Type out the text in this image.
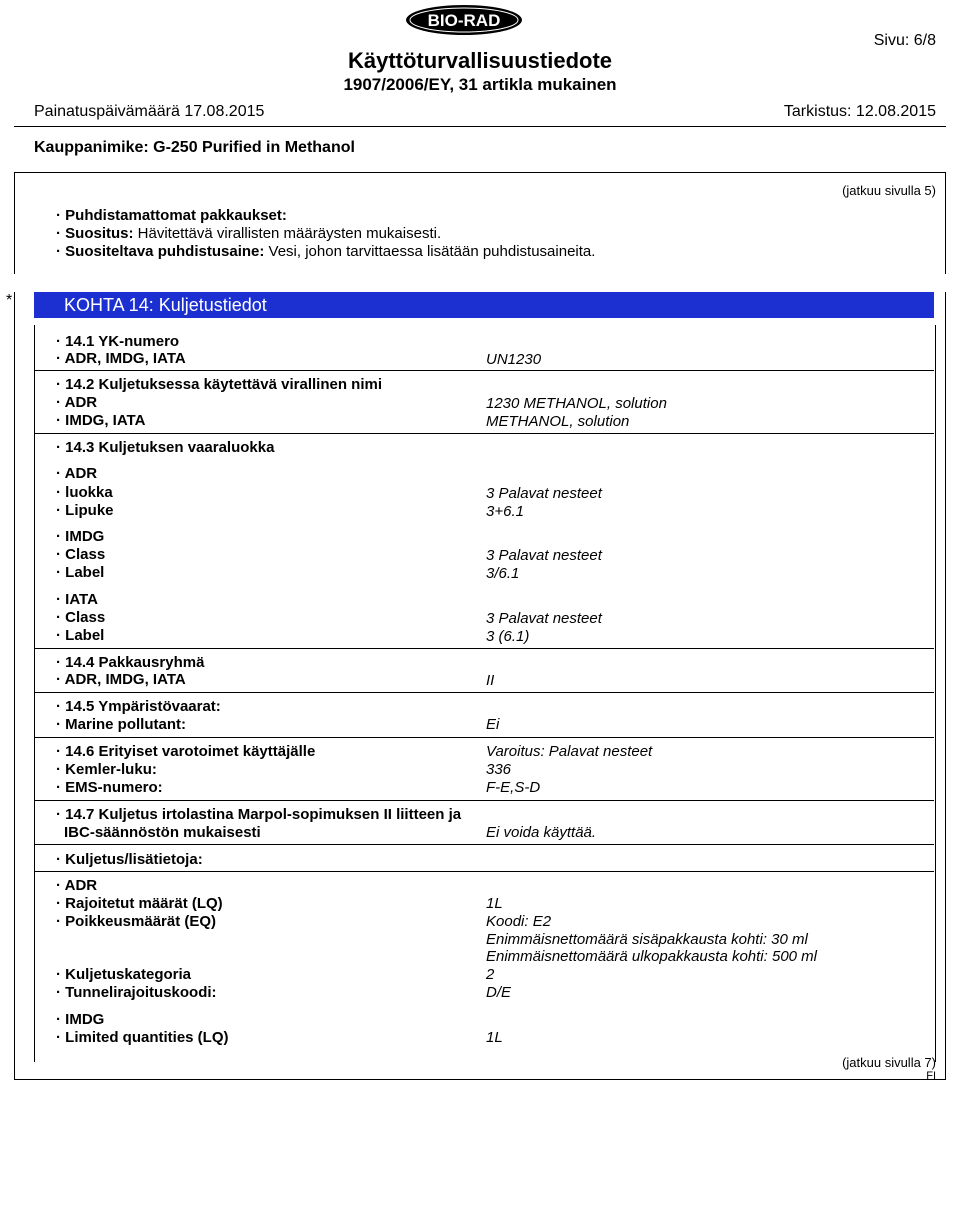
BIO-RAD
Sivu: 6/8
Käyttöturvallisuustiedote
1907/2006/EY, 31 artikla mukainen
Painatuspäivämäärä 17.08.2015	Tarkistus: 12.08.2015
Kauppanimike: G-250 Purified in Methanol
(jatkuu sivulla 5)
· Puhdistamattomat pakkaukset:
· Suositus: Hävitettävä virallisten määräysten mukaisesti.
· Suositeltava puhdistusaine: Vesi, johon tarvittaessa lisätään puhdistusaineita.
*	KOHTA 14: Kuljetustiedot
· 14.1 YK-numero
· ADR, IMDG, IATA	UN1230
· 14.2 Kuljetuksessa käytettävä virallinen nimi
· ADR	1230 METHANOL, solution
· IMDG, IATA	METHANOL, solution
· 14.3 Kuljetuksen vaaraluokka
· ADR
· luokka	3 Palavat nesteet
· Lipuke	3+6.1
· IMDG
· Class	3 Palavat nesteet
· Label	3/6.1
· IATA
· Class	3 Palavat nesteet
· Label	3 (6.1)
· 14.4 Pakkausryhmä
· ADR, IMDG, IATA	II
· 14.5 Ympäristövaarat:
· Marine pollutant:	Ei
· 14.6 Erityiset varotoimet käyttäjälle	Varoitus: Palavat nesteet
· Kemler-luku:	336
· EMS-numero:	F-E,S-D
· 14.7 Kuljetus irtolastina Marpol-sopimuksen II liitteen ja
IBC-säännöstön mukaisesti	Ei voida käyttää.
· Kuljetus/lisätietoja:
· ADR
· Rajoitetut määrät (LQ)	1L
· Poikkeusmäärät (EQ)	Koodi: E2
Enimmäisnettomäärä sisäpakkausta kohti: 30 ml
Enimmäisnettomäärä ulkopakkausta kohti: 500 ml
· Kuljetuskategoria	2
· Tunnelirajoituskoodi:	D/E
· IMDG
· Limited quantities (LQ)	1L
(jatkuu sivulla 7)
FI
